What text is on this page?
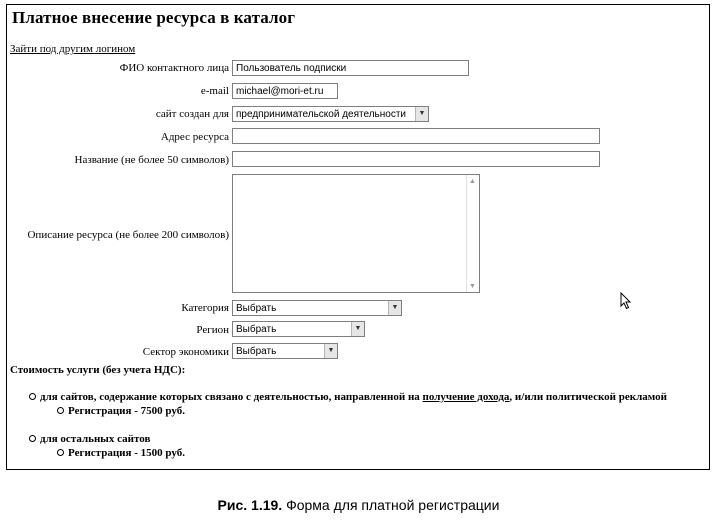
Платное внесение ресурса в каталог
Зайти под другим логином
ФИО контактного лица Пользователь подписки
e-mail michael@mori-et.ru
сайт создан для предпринимательской деятельности	▼
Адрес ресурса
Название (не более 50 символов)
Описание ресурса (не более 200 символов)
▲
▼
Категория Выбрать	▼
Регион Выбрать	▼
Сектор экономики Выбрать	▼
Стоимость услуги (без учета НДС):
для сайтов, содержание которых связано с деятельностью, направленной на получение дохода, и/или политической рекламой
Регистрация - 7500 руб.
для остальных сайтов
Регистрация - 1500 руб.
Рис. 1.19. Форма для платной регистрации
